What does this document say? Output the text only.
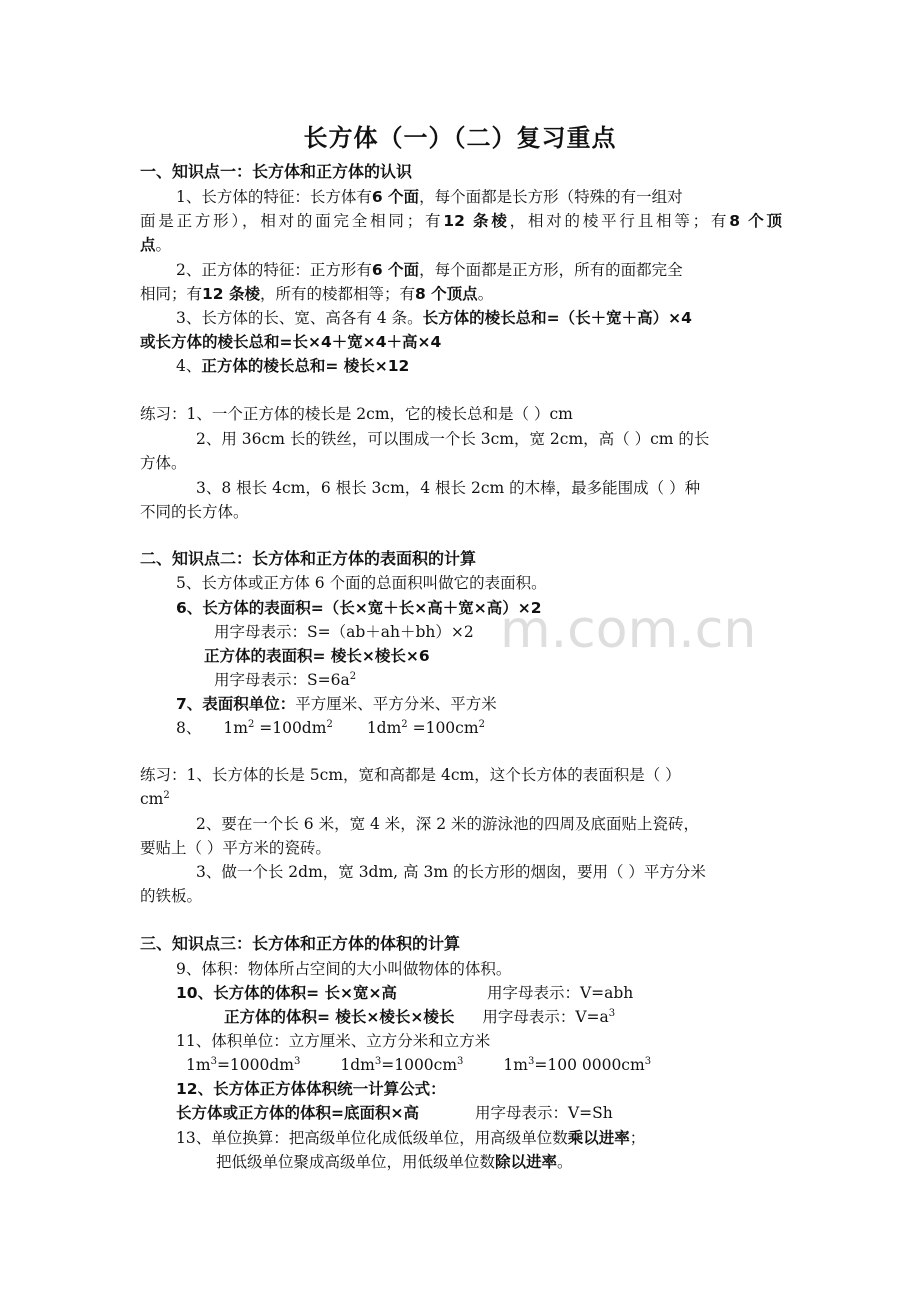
m.com.cn
长方体（一）（二）复习重点
一、知识点一：长方体和正方体的认识
1、长方体的特征：长方体有6 个面，每个面都是长方形（特殊的有一组对
面是正方形），相对的面完全相同；有12 条棱，相对的棱平行且相等；有8 个顶
点。
2、正方体的特征：正方形有6 个面，每个面都是正方形，所有的面都完全
相同；有12 条棱，所有的棱都相等；有8 个顶点。
3、长方体的长、宽、高各有 4 条。长方体的棱长总和=（长＋宽＋高）×4
或长方体的棱长总和=长×4＋宽×4＋高×4
4、正方体的棱长总和= 棱长×12
练习：1、一个正方体的棱长是 2cm，它的棱长总和是（ ）cm
2、用 36cm 长的铁丝，可以围成一个长 3cm，宽 2cm，高（ ）cm 的长
方体。
3、8 根长 4cm，6 根长 3cm，4 根长 2cm 的木棒，最多能围成（ ）种
不同的长方体。
二、知识点二：长方体和正方体的表面积的计算
5、长方体或正方体 6 个面的总面积叫做它的表面积。
6、长方体的表面积=（长×宽＋长×高＋宽×高）×2
用字母表示：S=（ab＋ah＋bh）×2
正方体的表面积= 棱长×棱长×6
用字母表示：$S=6a^2$
7、表面积单位：平方厘米、平方分米、平方米
8、 $1m^2 =100dm^2$ $1dm^2 =100cm^2$
练习：1、长方体的长是 5cm，宽和高都是 4cm，这个长方体的表面积是（ ）
$cm^2$
2、要在一个长 6 米，宽 4 米，深 2 米的游泳池的四周及底面贴上瓷砖，
要贴上（ ）平方米的瓷砖。
3、做一个长 2dm，宽 3dm, 高 3m 的长方形的烟囱，要用（ ）平方分米
的铁板。
三、知识点三：长方体和正方体的体积的计算
9、体积：物体所占空间的大小叫做物体的体积。
10、长方体的体积= 长×宽×高	用字母表示：V=abh
正方体的体积= 棱长×棱长×棱长 用字母表示：$V=a^3$
11、体积单位：立方厘米、立方分米和立方米
$1m^3=1000dm^3$	$1dm^3=1000cm^3$	$1m^3=100$ $0000cm^3$
12、长方体正方体体积统一计算公式：
长方体或正方体的体积=底面积×高	用字母表示：V=Sh
13、单位换算：把高级单位化成低级单位，用高级单位数乘以进率；
把低级单位聚成高级单位，用低级单位数除以进率。
